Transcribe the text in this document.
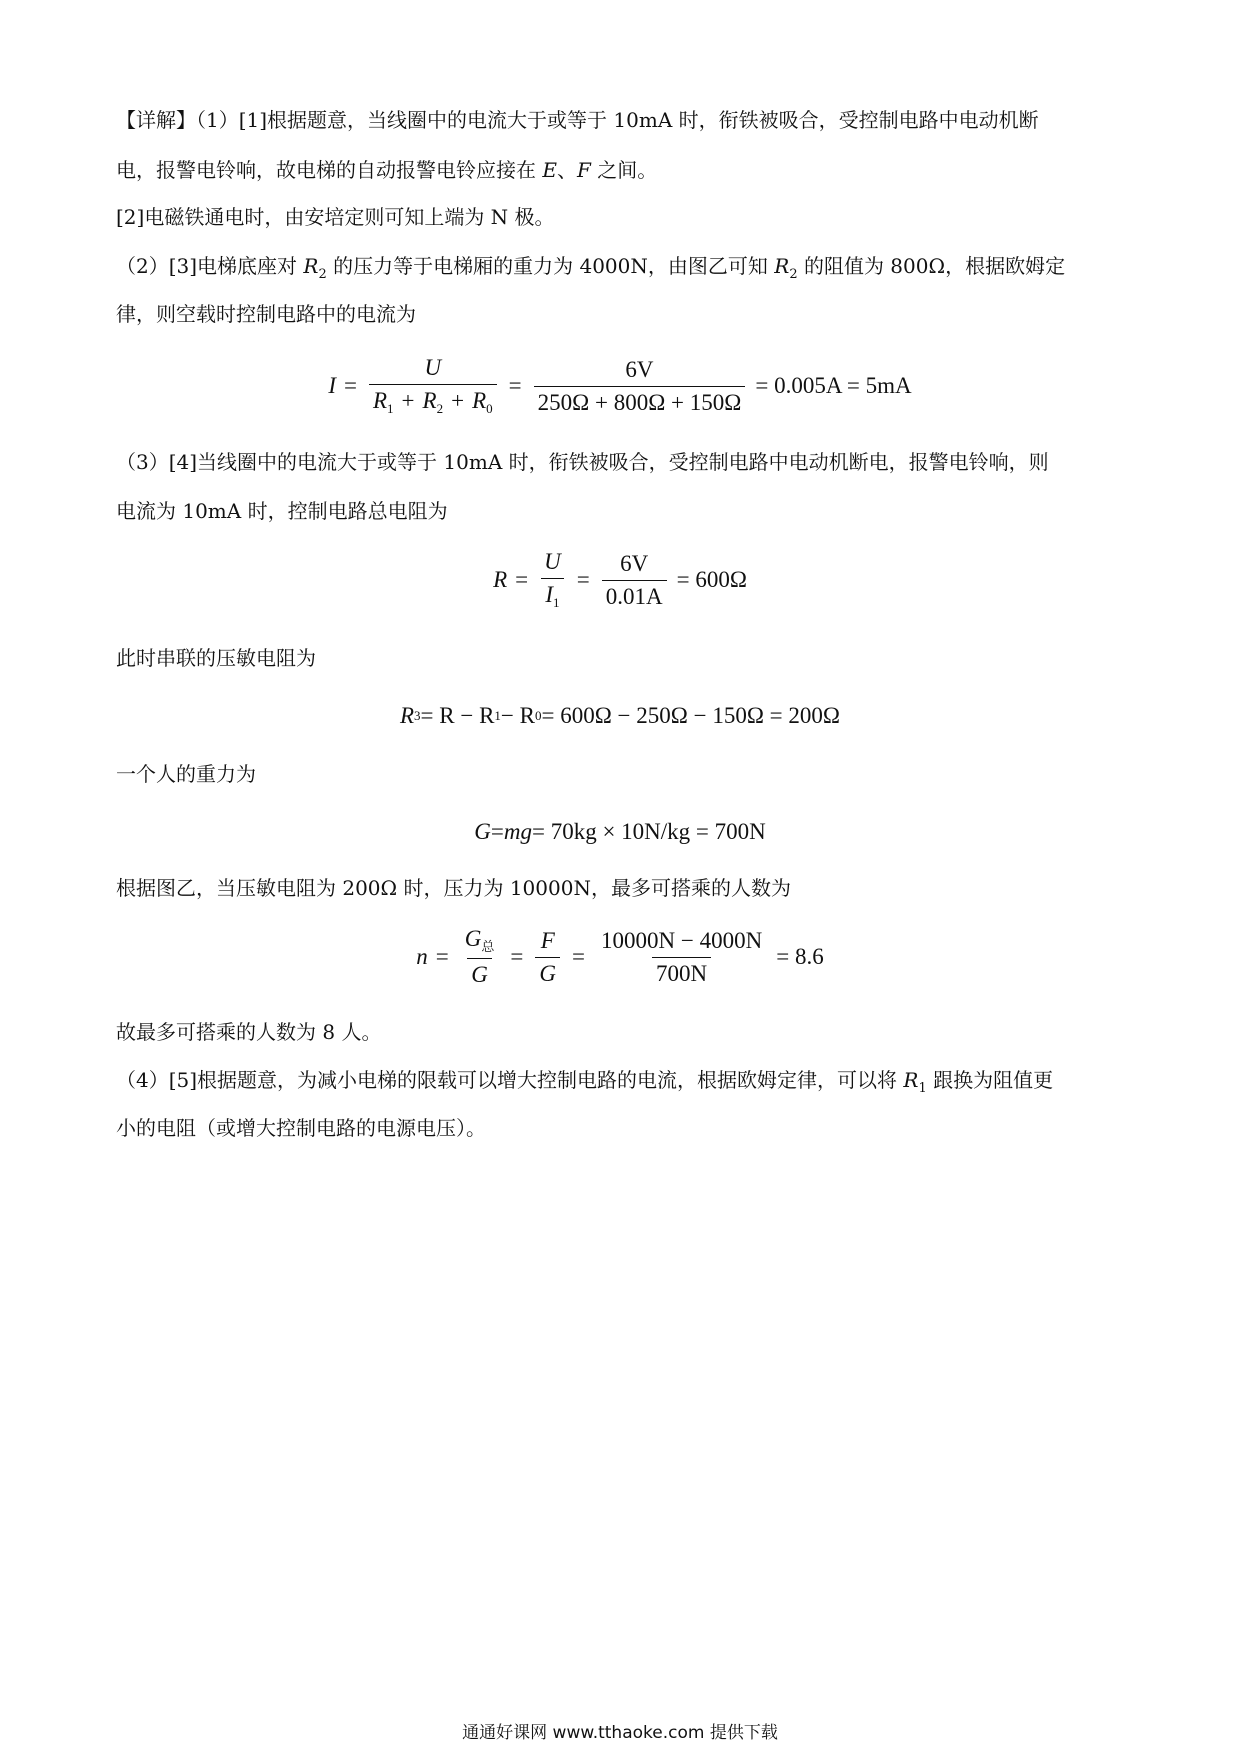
【详解】（1）[1]根据题意，当线圈中的电流大于或等于 10mA 时，衔铁被吸合，受控制电路中电动机断
电，报警电铃响，故电梯的自动报警电铃应接在 E、F 之间。
[2]电磁铁通电时，由安培定则可知上端为 N 极。
（2）[3]电梯底座对 $R_2$ 的压力等于电梯厢的重力为 4000N，由图乙可知 $R_2$ 的阻值为 800Ω，根据欧姆定
律，则空载时控制电路中的电流为
$I = \frac{U}{R_1 + R_2 + R_0} = \frac{6V}{250\Omega + 800\Omega + 150\Omega} = 0.005A = 5mA$
（3）[4]当线圈中的电流大于或等于 10mA 时，衔铁被吸合，受控制电路中电动机断电，报警电铃响，则
电流为 10mA 时，控制电路总电阻为
$R = \frac{U}{I_1} = \frac{6V}{0.01A} = 600\Omega$
此时串联的压敏电阻为
R 3 = R − R 1 − R 0 = 600Ω − 250Ω − 150Ω = 200Ω
一个人的重力为
G = mg = 70kg × 10N/kg = 700N
根据图乙，当压敏电阻为 200Ω 时，压力为 10000N，最多可搭乘的人数为
$n = \frac{G_总}{G} = \frac{F}{G} = \frac{10000N - 4000N}{700N} = 8.6$
故最多可搭乘的人数为 8 人。
（4）[5]根据题意，为减小电梯的限载可以增大控制电路的电流，根据欧姆定律，可以将 $R_1$ 跟换为阻值更
小的电阻（或增大控制电路的电源电压）。
通通好课网 www.tthaoke.com 提供下载
